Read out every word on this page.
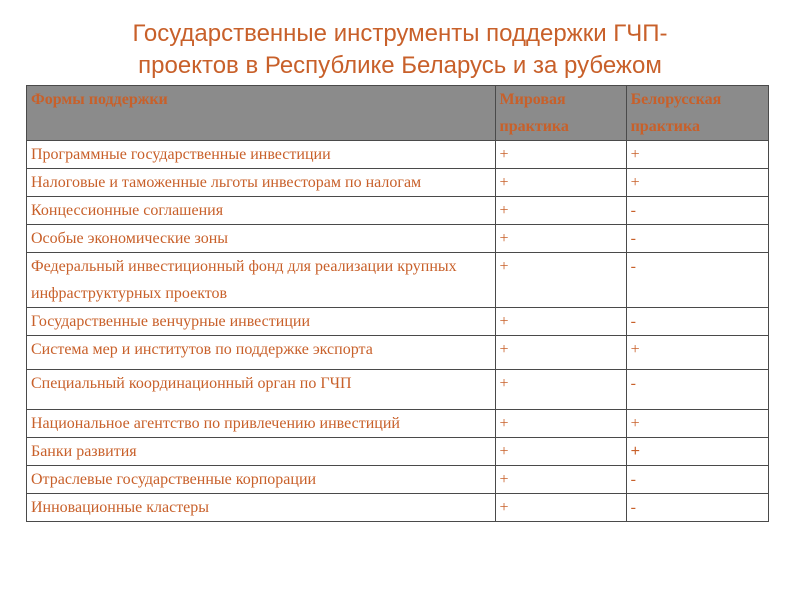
Государственные инструменты поддержки ГЧП-
проектов в Республике Беларусь и за рубежом
Формы поддержки	Мировая практика	Белорусская практика
Программные государственные инвестиции	+	+
Налоговые и таможенные льготы инвесторам по налогам	+	+
Концессионные соглашения	+	-
Особые экономические зоны	+	-
Федеральный инвестиционный фонд для реализации крупных инфраструктурных проектов	+	-
Государственные венчурные инвестиции	+	-
Система мер и институтов по поддержке экспорта	+	+
Специальный координационный орган по ГЧП	+	-
Национальное агентство по привлечению инвестиций	+	+
Банки развития	+	+
Отраслевые государственные корпорации	+	-
Инновационные кластеры	+	-
